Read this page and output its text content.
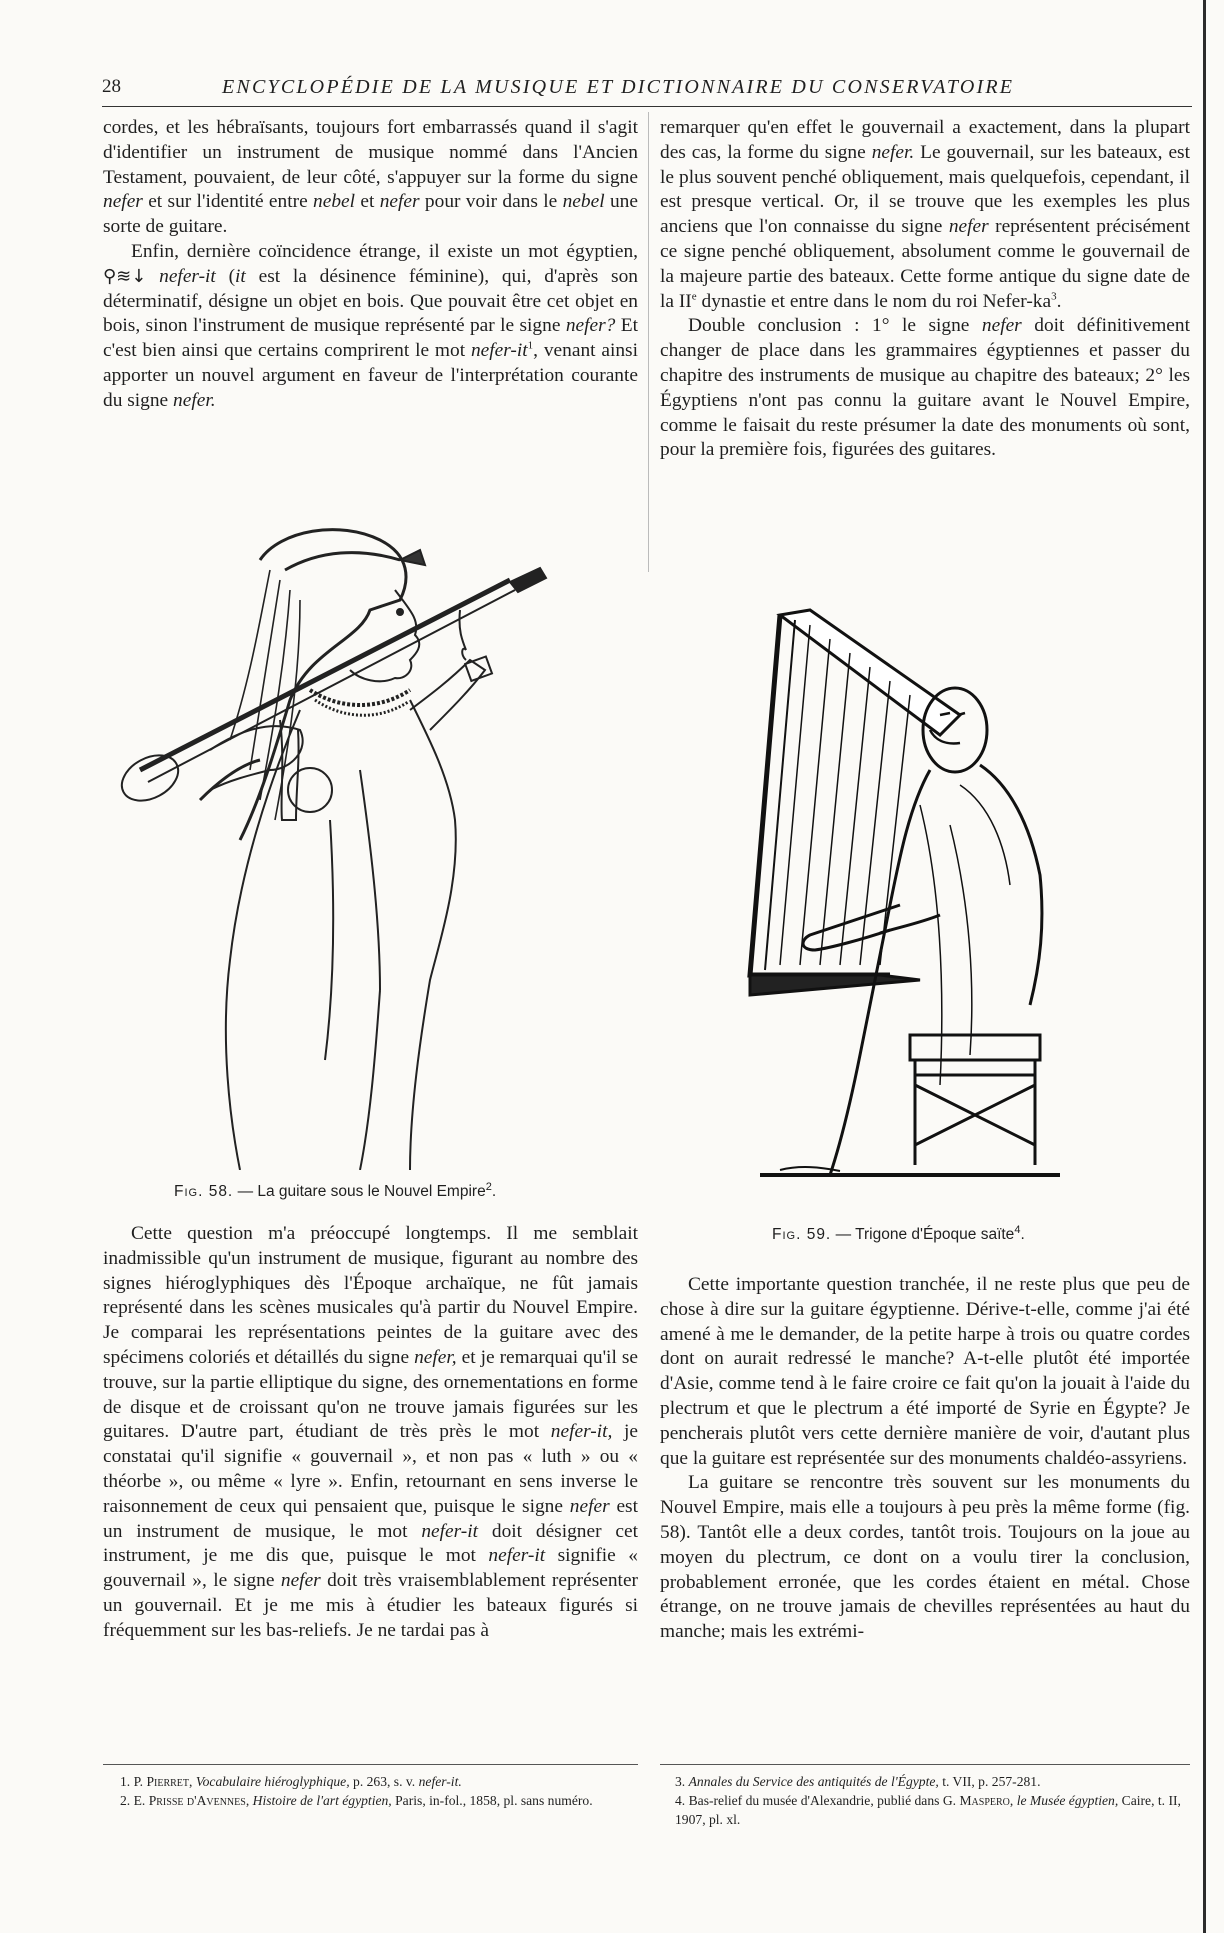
28	ENCYCLOPÉDIE DE LA MUSIQUE ET DICTIONNAIRE DU CONSERVATOIRE

cordes, et les hébraïsants, toujours fort embarrassés quand il s'agit d'identifier un instrument de musique nommé dans l'Ancien Testament, pouvaient, de leur côté, s'appuyer sur la forme du signe nefer et sur l'identité entre nebel et nefer pour voir dans le nebel une sorte de guitare.

Enfin, dernière coïncidence étrange, il existe un mot égyptien, ⚲≋↓ nefer-it (it est la désinence féminine), qui, d'après son déterminatif, désigne un objet en bois. Que pouvait être cet objet en bois, sinon l'instrument de musique représenté par le signe nefer? Et c'est bien ainsi que certains comprirent le mot nefer-$it^1$, venant ainsi apporter un nouvel argument en faveur de l'interprétation courante du signe nefer.

Fig. 58. — La guitare sous le Nouvel Empire$^2$.

Cette question m'a préoccupé longtemps. Il me semblait inadmissible qu'un instrument de musique, figurant au nombre des signes hiéroglyphiques dès l'Époque archaïque, ne fût jamais représenté dans les scènes musicales qu'à partir du Nouvel Empire. Je comparai les représentations peintes de la guitare avec des spécimens coloriés et détaillés du signe nefer, et je remarquai qu'il se trouve, sur la partie elliptique du signe, des ornementations en forme de disque et de croissant qu'on ne trouve jamais figurées sur les guitares. D'autre part, étudiant de très près le mot nefer-it, je constatai qu'il signifie « gouvernail », et non pas « luth » ou « théorbe », ou même « lyre ». Enfin, retournant en sens inverse le raisonnement de ceux qui pensaient que, puisque le signe nefer est un instrument de musique, le mot nefer-it doit désigner cet instrument, je me dis que, puisque le mot nefer-it signifie « gouvernail », le signe nefer doit très vraisemblablement représenter un gouvernail. Et je me mis à étudier les bateaux figurés si fréquemment sur les bas-reliefs. Je ne tardai pas à

remarquer qu'en effet le gouvernail a exactement, dans la plupart des cas, la forme du signe nefer. Le gouvernail, sur les bateaux, est le plus souvent penché obliquement, mais quelquefois, cependant, il est presque vertical. Or, il se trouve que les exemples les plus anciens que l'on connaisse du signe nefer représentent précisément ce signe penché obliquement, absolument comme le gouvernail de la majeure partie des bateaux. Cette forme antique du signe date de la IIe dynastie et entre dans le nom du roi Nefer-$ka^3$.

Double conclusion : 1° le signe nefer doit définitivement changer de place dans les grammaires égyptiennes et passer du chapitre des instruments de musique au chapitre des bateaux; 2° les Égyptiens n'ont pas connu la guitare avant le Nouvel Empire, comme le faisait du reste présumer la date des monuments où sont, pour la première fois, figurées des guitares.

Fig. 59. — Trigone d'Époque saïte$^4$.

Cette importante question tranchée, il ne reste plus que peu de chose à dire sur la guitare égyptienne. Dérive-t-elle, comme j'ai été amené à me le demander, de la petite harpe à trois ou quatre cordes dont on aurait redressé le manche? A-t-elle plutôt été importée d'Asie, comme tend à le faire croire ce fait qu'on la jouait à l'aide du plectrum et que le plectrum a été importé de Syrie en Égypte? Je pencherais plutôt vers cette dernière manière de voir, d'autant plus que la guitare est représentée sur des monuments chaldéo-assyriens.

La guitare se rencontre très souvent sur les monuments du Nouvel Empire, mais elle a toujours à peu près la même forme (fig. 58). Tantôt elle a deux cordes, tantôt trois. Toujours on la joue au moyen du plectrum, ce dont on a voulu tirer la conclusion, probablement erronée, que les cordes étaient en métal. Chose étrange, on ne trouve jamais de chevilles représentées au haut du manche; mais les extrémi-

1. P. Pierret, Vocabulaire hiéroglyphique, p. 263, s. v. nefer-it.

2. E. Prisse d'Avennes, Histoire de l'art égyptien, Paris, in-fol., 1858, pl. sans numéro.

3. Annales du Service des antiquités de l'Égypte, t. VII, p. 257-281.

4. Bas-relief du musée d'Alexandrie, publié dans G. Maspero, le Musée égyptien, Caire, t. II, 1907, pl. xl.
